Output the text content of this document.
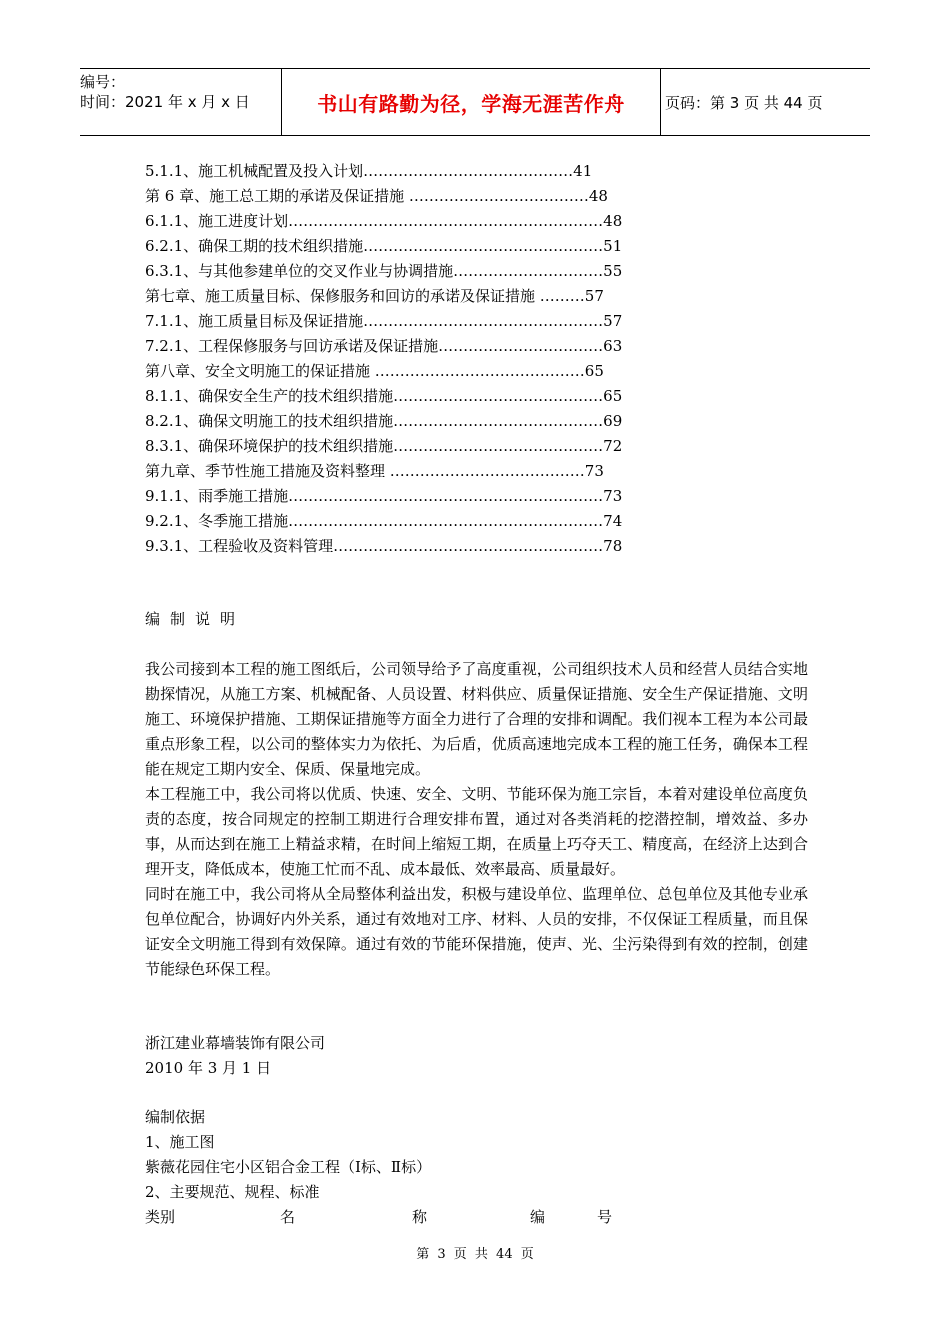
编号：
时间：2021 年 x 月 x 日	书山有路勤为径，学海无涯苦作舟	页码：第 3 页 共 44 页
5.1.1、施工机械配置及投入计划……………………………………41
第 6 章、施工总工期的承诺及保证措施 ………………………………48
6.1.1、施工进度计划………………………………………………………48
6.2.1、确保工期的技术组织措施…………………………………………51
6.3.1、与其他参建单位的交叉作业与协调措施…………………………55
第七章、施工质量目标、保修服务和回访的承诺及保证措施 ………57
7.1.1、施工质量目标及保证措施…………………………………………57
7.2.1、工程保修服务与回访承诺及保证措施……………………………63
第八章、安全文明施工的保证措施 ……………………………………65
8.1.1、确保安全生产的技术组织措施……………………………………65
8.2.1、确保文明施工的技术组织措施……………………………………69
8.3.1、确保环境保护的技术组织措施……………………………………72
第九章、季节性施工措施及资料整理 …………………………………73
9.1.1、雨季施工措施………………………………………………………73
9.2.1、冬季施工措施………………………………………………………74
9.3.1、工程验收及资料管理………………………………………………78
编制说明

我公司接到本工程的施工图纸后，公司领导给予了高度重视，公司组织技术人员和经营人员结合实地勘探情况，从施工方案、机械配备、人员设置、材料供应、质量保证措施、安全生产保证措施、文明施工、环境保护措施、工期保证措施等方面全力进行了合理的安排和调配。我们视本工程为本公司最重点形象工程，以公司的整体实力为依托、为后盾，优质高速地完成本工程的施工任务，确保本工程能在规定工期内安全、保质、保量地完成。

本工程施工中，我公司将以优质、快速、安全、文明、节能环保为施工宗旨，本着对建设单位高度负责的态度，按合同规定的控制工期进行合理安排布置，通过对各类消耗的挖潜控制，增效益、多办事，从而达到在施工上精益求精，在时间上缩短工期，在质量上巧夺天工、精度高，在经济上达到合理开支，降低成本，使施工忙而不乱、成本最低、效率最高、质量最好。

同时在施工中，我公司将从全局整体利益出发，积极与建设单位、监理单位、总包单位及其他专业承包单位配合，协调好内外关系，通过有效地对工序、材料、人员的安排，不仅保证工程质量，而且保证安全文明施工得到有效保障。通过有效的节能环保措施，使声、光、尘污染得到有效的控制，创建节能绿色环保工程。

浙江建业幕墙装饰有限公司
2010 年 3 月 1 日
编制依据
1、施工图
紫薇花园住宅小区铝合金工程（Ⅰ标、Ⅱ标）
2、主要规范、规程、标准
类别	名	称	编	号
第 3 页 共 44 页
